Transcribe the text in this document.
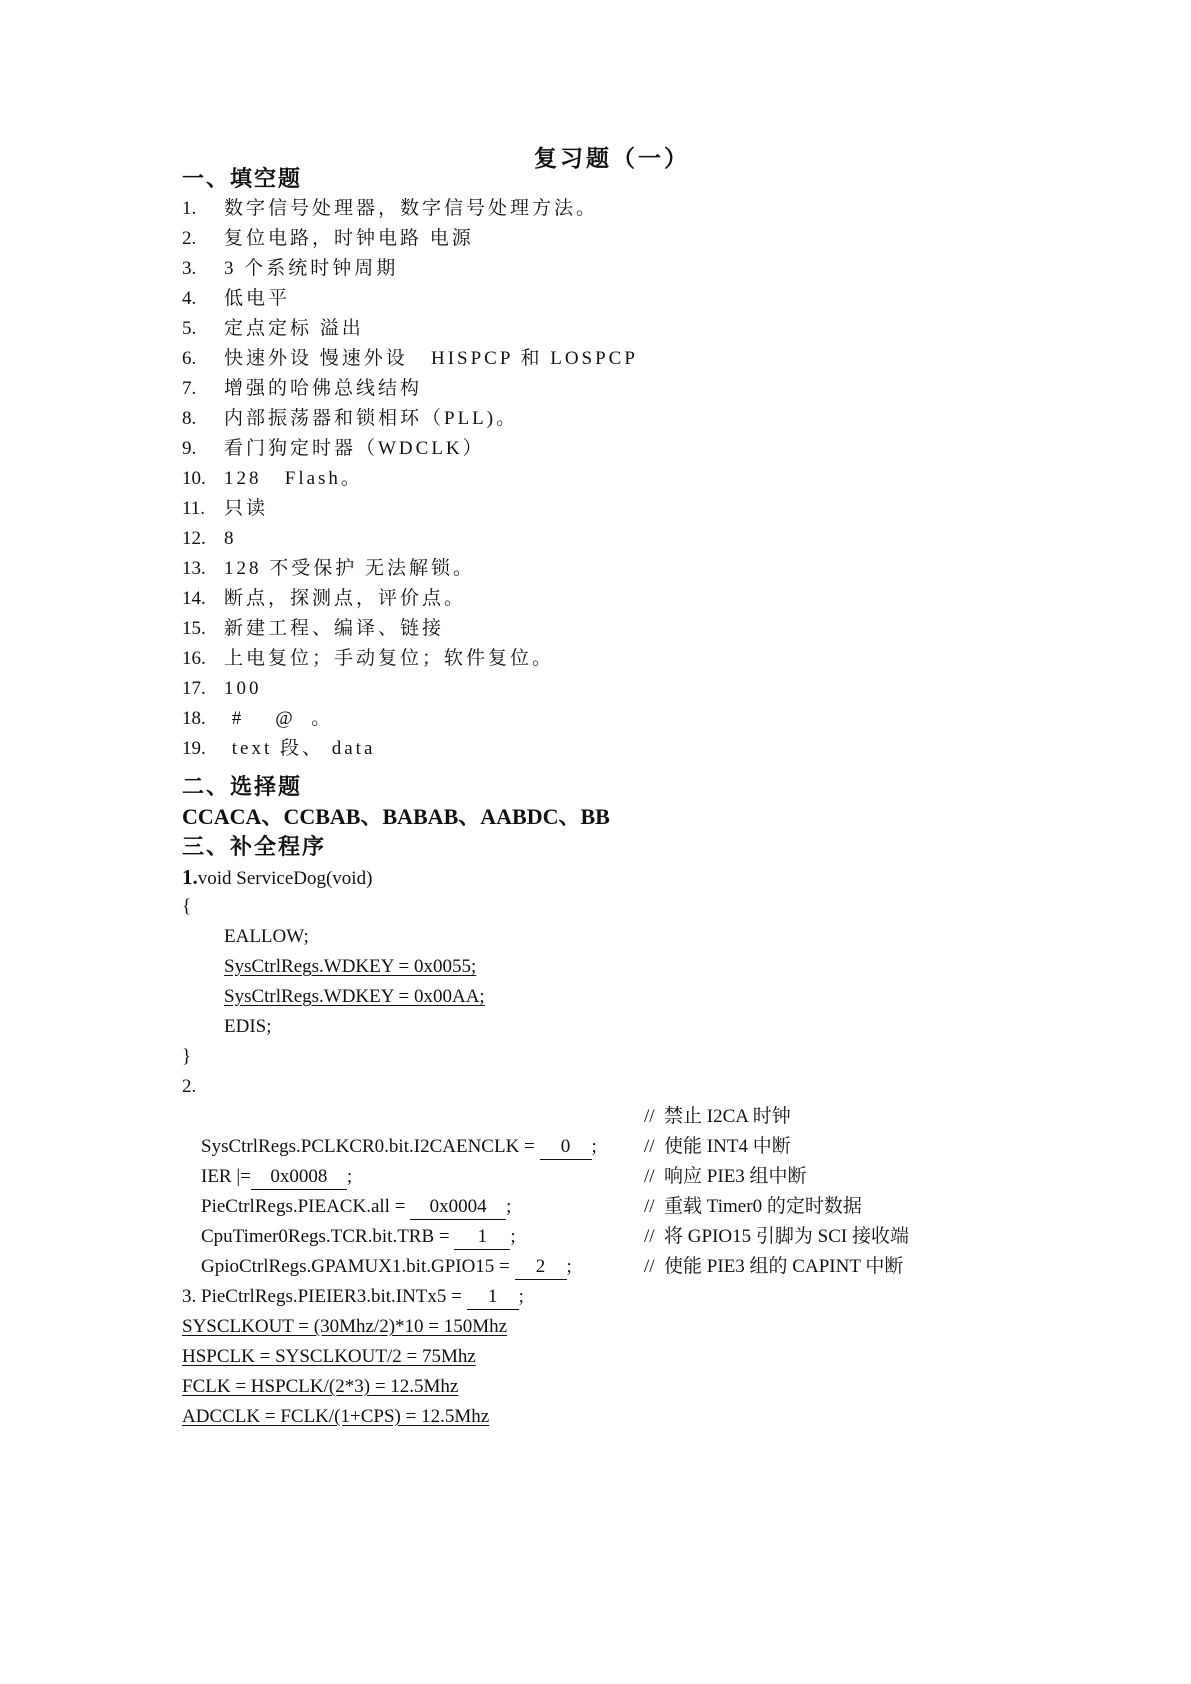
复习题（一）
一、填空题
1. 数字信号处理器，数字信号处理方法。
2. 复位电路，时钟电路 电源
3. 3 个系统时钟周期
4. 低电平
5. 定点定标 溢出
6. 快速外设 慢速外设   HISPCP 和 LOSPCP
7. 增强的哈佛总线结构
8. 内部振荡器和锁相环（PLL)。
9. 看门狗定时器（WDCLK）
10. 128   Flash。
11. 只读
12. 8
13. 128 不受保护 无法解锁。
14. 断点，探测点，评价点。
15. 新建工程、编译、链接
16. 上电复位；手动复位；软件复位。
17. 100
18. #    @  。
19. text 段、 data
二、选择题
CCACA、CCBAB、BABAB、AABDC、BB
三、补全程序
1.void ServiceDog(void)
{
EALLOW;
SysCtrlRegs.WDKEY = 0x0055;
SysCtrlRegs.WDKEY = 0x00AA;
EDIS;
}
2.

SysCtrlRegs.PCLKCR0.bit.I2CAENCLK = 0 ;

//  禁止 I2CA 时钟

IER |= 0x0008 ;

//  使能 INT4 中断

PieCtrlRegs.PIEACK.all = 0x0004 ;

//  响应 PIE3 组中断

CpuTimer0Regs.TCR.bit.TRB = 1 ;

//  重载 Timer0 的定时数据

GpioCtrlRegs.GPAMUX1.bit.GPIO15 = 2 ;

//  将 GPIO15 引脚为 SCI 接收端

PieCtrlRegs.PIEIER3.bit.INTx5 = 1 ;

//  使能 PIE3 组的 CAPINT 中断
3.
SYSCLKOUT = (30Mhz/2)*10 = 150Mhz
HSPCLK = SYSCLKOUT/2 = 75Mhz
FCLK = HSPCLK/(2*3) = 12.5Mhz
ADCCLK = FCLK/(1+CPS) = 12.5Mhz
